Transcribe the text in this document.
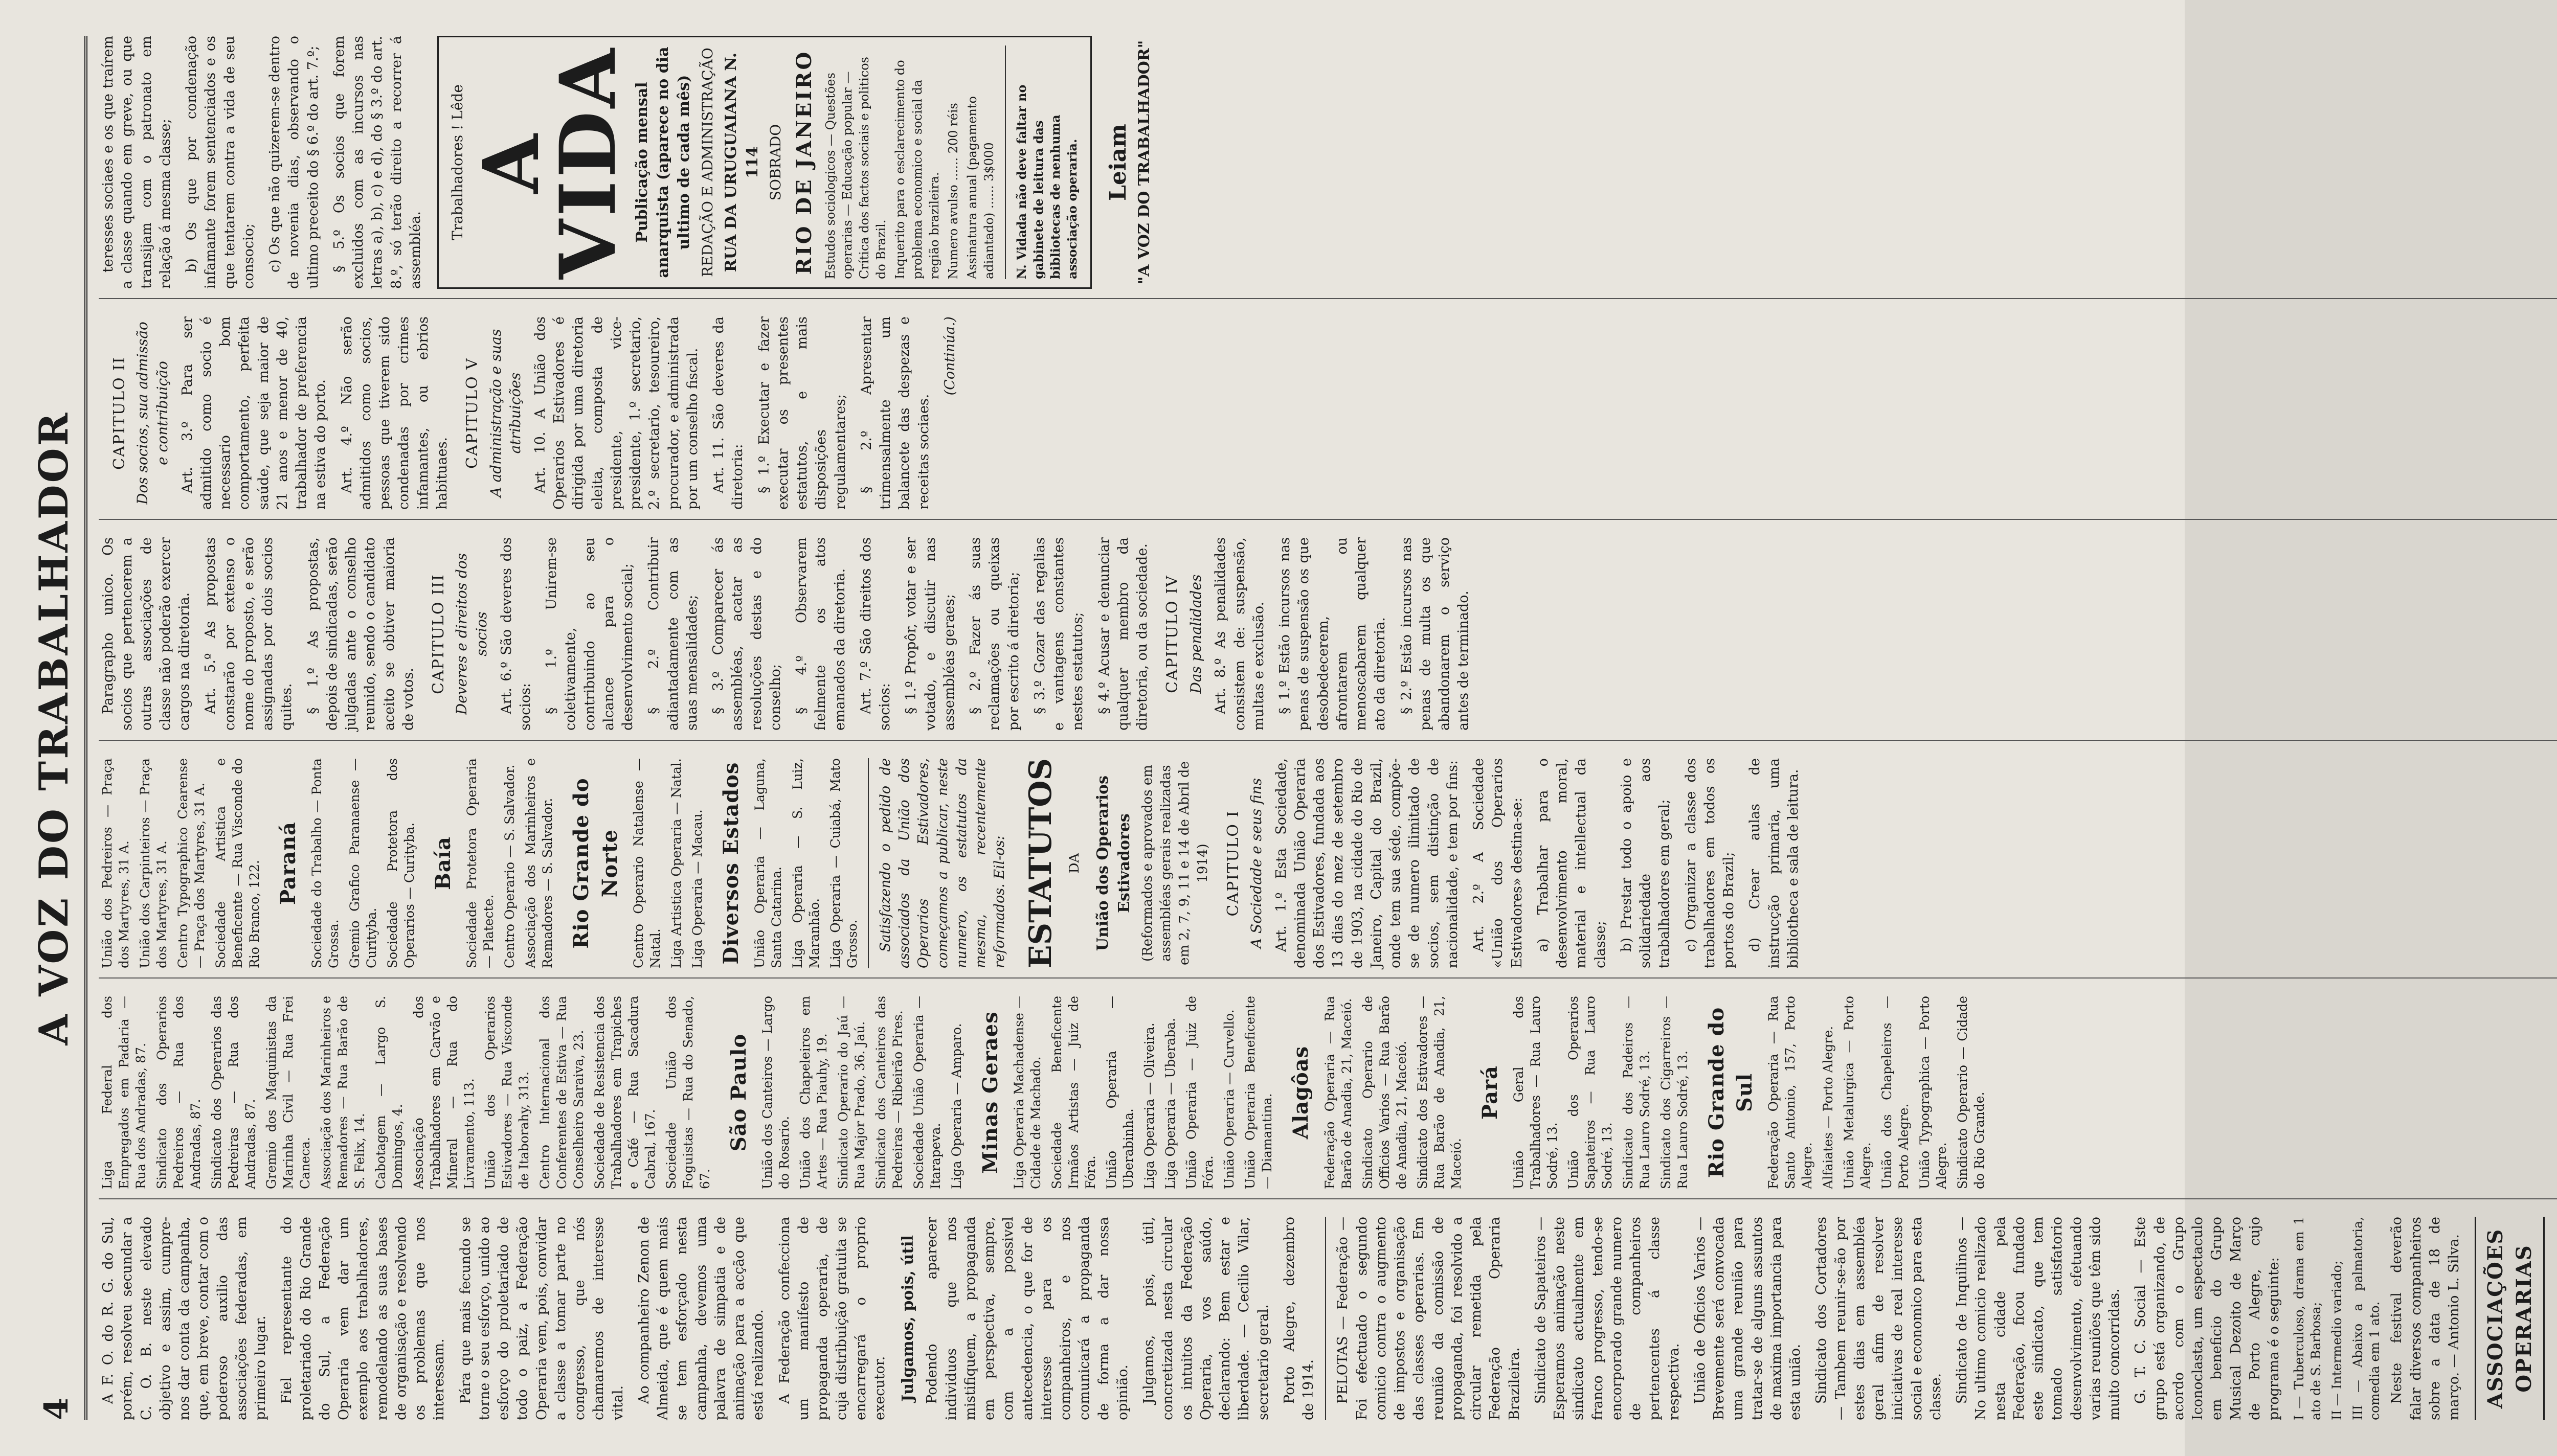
4
A VOZ DO TRABALHADOR

A F. O. do R. G. do Sul, porém, resolveu secundar a C. O. B. neste elevado objetivo e assim, cumpre-nos dar conta da campanha, que, em breve, contar com o poderoso auxilio das associações federadas, em primeiro lugar. Fiel representante do proletariado do Rio Grande do Sul, a Federação Operaria vem dar um exemplo aos trabalhadores, remodelando as suas bases de organisação e resolvendo os problemas que nos interessam. Pára que mais fecundo se torne o seu esforço, unido ao esforço do proletariado de todo o paiz, a Federação Operaria vem, pois, convidar a classe a tomar parte no congresso, que nós chamaremos de interesse vital. Ao companheiro Zenon de Almeida, que é quem mais se tem esforçado nesta campanha, devemos uma palavra de simpatia e de animação para a acção que está realizando. A Federação confecciona um manifesto de propaganda operaria, de cuja distribuição gratuita se encarregará o proprio executor. Julgamos, pois, útil Podendo aparecer individuos que nos mistifiquem, a propaganda em perspectiva, sempre, com a possivel antecedencia, o que for de interesse para os companheiros, e nos comunicará a propaganda de forma a dar nossa opinião. Julgamos, pois, útil, concretizada nesta circular os intuitos da Federação Operaria, vos saúdo, declarando: Bem estar e liberdade. — Cecilio Vilar, secretario geral. Porto Alegre, dezembro de 1914. PELOTAS — Federação — Foi efectuado o segundo comicio contra o augmento de impostos e organisação das classes operarias. Em reunião da comissão de propaganda, foi resolvido a circular remetida pela Federação Operaria Brazileira. Sindicato de Sapateiros — Esperamos animação neste sindicato actualmente em franco progresso, tendo-se encorporado grande numero de companheiros pertencentes á classe respectiva. União de Oficios Varios — Brevemente será convocada uma grande reunião para tratar-se de alguns assuntos de maxima importancia para esta união. Sindicato dos Cortadores — Tambem reunir-se-ão por estes dias em assembléa geral afim de resolver iniciativas de real interesse social e economico para esta classe. Sindicato de Inquilinos — No ultimo comicio realizado nesta cidade pela Federação, ficou fundado este sindicato, que tem tomado satisfatorio desenvolvimento, efetuando varias reuniões que têm sido muito concorridas. G. T. C. Social — Este grupo está organizando, de acordo com o Grupo Iconoclasta, um espectaculo em beneficio do Grupo Musical Dezoito de Março de Porto Alegre, cujo programa é o seguinte: I — Tuberculoso, drama em 1 ato de S. Barbosa; II — Intermedio variado; III — Abaixo a palmatoria, comedia em 1 ato. Neste festival deverão falar diversos companheiros sobre a data de 18 de março. — Antonio L. Silva.	ASSOCIAÇÕES OPERARIAS
Liga Federal dos Empregados em Padaria — Rua dos Andradas, 87. Sindicato dos Operarios Pedreiros — Rua dos Andradas, 87. Sindicato dos Operarios das Pedreiras — Rua dos Andradas, 87. Gremio dos Maquinistas da Marinha Civil — Rua Frei Caneca. Associação dos Marinheiros e Remadores — Rua Barão de S. Felix, 14. Cabotagem — Largo S. Domingos, 4. Associação dos Trabalhadores em Carvão e Mineral — Rua do Livramento, 113. União dos Operarios Estivadores — Rua Visconde de Itaborahy, 313. Centro Internacional dos Conferentes de Estiva — Rua Conselheiro Saraiva, 23. Sociedade de Resistencia dos Trabalhadores em Trapiches e Café — Rua Sacadura Cabral, 167. Sociedade União dos Foguistas — Rua do Senado, 67.
São Paulo União dos Canteiros — Largo do Rosario. União dos Chapeleiros em Artes — Rua Piauhy, 19. Sindicato Operario do Jaú — Rua Major Prado, 36. Jaú. Sindicato dos Canteiros das Pedreiras — Ribeirão Pires. Sociedade União Operaria — Itarapeva. Liga Operaria — Amparo. Minas Geraes Liga Operaria Machadense — Cidade de Machado. Sociedade Beneficente Irmãos Artistas — Juiz de Fóra. União Operaria — Uberabinha. Liga Operaria — Oliveira. Liga Operaria — Uberaba. União Operaria — Juiz de Fóra. União Operaria — Curvello. União Operaria Beneficente — Diamantina.
Alagôas Federação Operaria — Rua Barão de Anadia, 21, Maceió. Sindicato Operario de Officios Varios — Rua Barão de Anadia, 21, Maceió. Sindicato dos Estivadores — Rua Barão de Anadia, 21, Maceió.
Pará União Geral dos Trabalhadores — Rua Lauro Sodré, 13. União dos Operarios Sapateiros — Rua Lauro Sodré, 13. Sindicato dos Padeiros — Rua Lauro Sodré, 13. Sindicato dos Cigarreiros — Rua Lauro Sodré, 13. Rio Grande do Sul Federação Operaria — Rua Santo Antonio, 157, Porto Alegre. Alfaiates — Porto Alegre. União Metalurgica — Porto Alegre. União dos Chapeleiros — Porto Alegre. União Typographica — Porto Alegre. Sindicato Operario — Cidade do Rio Grande.
União dos Pedreiros — Praça dos Martyres, 31 A. União dos Carpinteiros — Praça dos Martyres, 31 A. Centro Typographico Cearense — Praça dos Martyres, 31 A. Sociedade Artistica e Beneficente — Rua Visconde do Rio Branco, 122. Paraná Sociedade do Trabalho — Ponta Grossa. Gremio Grafico Paranaense — Curityba. Sociedade Protetora dos Operarios — Curityba. Baía Sociedade Protetora Operaria — Platecte. Centro Operario — S. Salvador. Associação dos Marinheiros e Remadores — S. Salvador. Rio Grande do Norte Centro Operario Natalense — Natal. Liga Artistica Operaria — Natal. Liga Operaria — Macau. Diversos Estados União Operaria — Laguna, Santa Catarina. Liga Operaria — S. Luiz, Maranhão. Liga Operaria — Cuiabá, Mato Grosso. Satisfazendo o pedido de associados da União dos Operarios Estivadores, começamos a publicar, neste numero, os estatutos da mesma, recentemente reformados. Eil-os: ESTATUTOS DA União dos Operarios Estivadores (Reformados e aprovados em assembléas gerais realizadas em 2, 7, 9, 11 e 14 de Abril de 1914) CAPITULO I A Sociedade e seus fins Art. 1.º Esta Sociedade, denominada União Operaria dos Estivadores, fundada aos 13 dias do mez de setembro de 1903, na cidade do Rio de Janeiro, Capital do Brazil, onde tem sua séde, compõe-se de numero ilimitado de socios, sem distinção de nacionalidade, e tem por fins: Art. 2.º A Sociedade «União dos Operarios Estivadores» destina-se: a) Trabalhar para o desenvolvimento moral, material e intellectual da classe; b) Prestar todo o apoio e solidariedade aos trabalhadores em geral; c) Organizar a classe dos trabalhadores em todos os portos do Brazil; d) Crear aulas de instrucção primaria, uma bibliotheca e sala de leitura.

Paragrapho unico. Os socios que pertencerem a outras associações de classe não poderão exercer cargos na diretoria. Art. 5.º As propostas constarão por extenso o nome do proposto, e serão assignadas por dois socios quites. § 1.º As propostas, depois de sindicadas, serão julgadas ante o conselho reunido, sendo o candidato aceito se obtiver maioria de votos.

CAPITULO III Deveres e direitos dos socios Art. 6.º São deveres dos socios: § 1.º Unirem-se coletivamente, contribuindo ao seu alcance para o desenvolvimento social; § 2.º Contribuir adiantadamente com as suas mensalidades; § 3.º Comparecer ás assembléas, acatar as resoluções destas e do conselho; § 4.º Observarem fielmente os atos emanados da diretoria. Art. 7.º São direitos dos socios: § 1.º Propôr, votar e ser votado, e discutir nas assembléas geraes; § 2.º Fazer ás suas reclamações ou queixas por escrito á diretoria; § 3.º Gozar das regalias e vantagens constantes nestes estatutos; § 4.º Acusar e denunciar qualquer membro da diretoria, ou da sociedade. CAPITULO IV Das penalidades Art. 8.º As penalidades consistem de: suspensão, multas e exclusão. § 1.º Estão incursos nas penas de suspensão os que desobedecerem, afrontarem ou menoscabarem qualquer ato da diretoria. § 2.º Estão incursos nas penas de multa os que abandonarem o serviço antes de terminado.

CAPITULO II Dos socios, sua admissão e contribuição Art. 3.º Para ser admitido como socio é necessario bom comportamento, perfeita saúde, que seja maior de 21 anos e menor de 40, trabalhador de preferencia na estiva do porto. Art. 4.º Não serão admitidos como socios, pessoas que tiverem sido condenadas por crimes infamantes, ou ebrios habituaes.

CAPITULO V A administração e suas atribuições Art. 10. A União dos Operarios Estivadores é dirigida por uma diretoria eleita, composta de presidente, vice-presidente, 1.º secretario, 2.º secretario, tesoureiro, procurador, e administrada por um conselho fiscal. Art. 11. São deveres da diretoria: § 1.º Executar e fazer executar os presentes estatutos, e mais disposições regulamentares; § 2.º Apresentar trimensalmente um balancete das despezas e receitas sociaes.

(Continúa.)

teresses sociaes e os que traírem a classe quando em greve, ou que transijam com o patronato em relação á mesma classe; b) Os que por condenação infamante forem sentenciados e os que tentarem contra a vida de seu consocio; c) Os que não quizerem-se dentro de novenia dias, observando o ultimo preceito do § 6.º do art. 7.º; § 5.º Os socios que forem excluidos com as incursos nas letras a), b), c) e d), do § 3.º do art. 8.º, só terão direito a recorrer á assembléa.

Trabalhadores ! Lêde A VIDA Publicação mensal anarquista (aparece no dia ultimo de cada mês) REDAÇÃO E ADMINISTRAÇÃO RUA DA URUGUAIANA N. 114 SOBRADO RIO DE JANEIRO Estudos sociologicos — Questões operarias — Educação popular — Crítica dos factos sociais e politicos do Brazil. Inquerito para o esclarecimento do problema economico e social da região brazileira. Numero avulso ...... 200 réis Assinatura anual (pagamento adiantado) ...... 3$000 N. Vidada não deve faltar no gabinete de leitura das bibliotecas de nenhuma associação operaria. Leiam "A VOZ DO TRABALHADOR"
